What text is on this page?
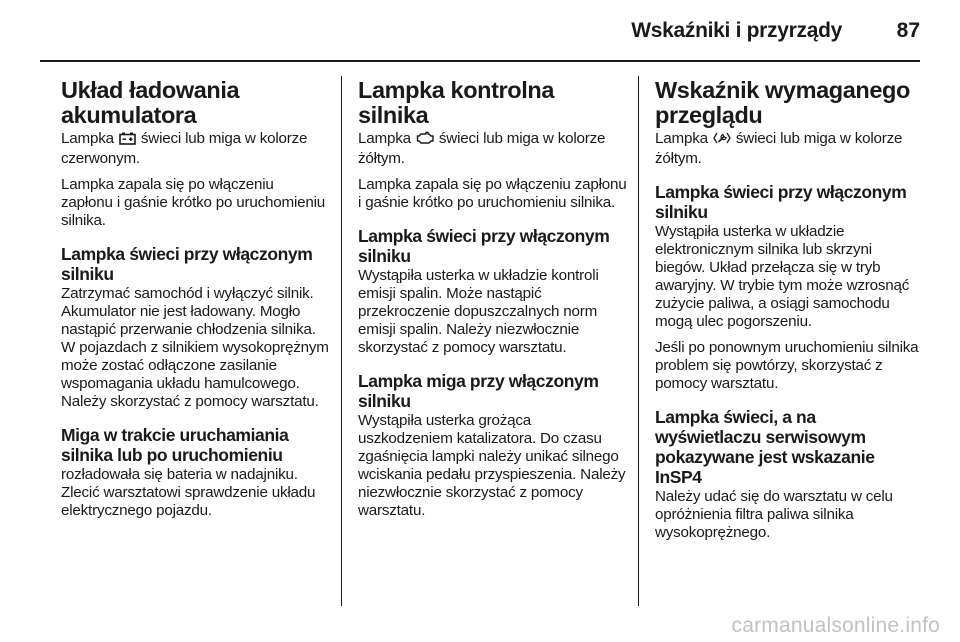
Wskaźniki i przyrządy	87
Układ ładowania akumulatora

Lampka świeci lub miga w kolorze czerwonym.

Lampka zapala się po włączeniu zapłonu i gaśnie krótko po uruchomieniu silnika.

Lampka świeci przy włączonym silniku

Zatrzymać samochód i wyłączyć silnik. Akumulator nie jest ładowany. Mogło nastąpić przerwanie chłodzenia silnika. W pojazdach z silnikiem wysokoprężnym może zostać odłączone zasilanie wspomagania układu hamulcowego. Należy skorzystać z pomocy warsztatu.

Miga w trakcie uruchamiania silnika lub po uruchomieniu

rozładowała się bateria w nadajniku. Zlecić warsztatowi sprawdzenie układu elektrycznego pojazdu.

Lampka kontrolna silnika

Lampka świeci lub miga w kolorze żółtym.

Lampka zapala się po włączeniu zapłonu i gaśnie krótko po uruchomieniu silnika.

Lampka świeci przy włączonym silniku

Wystąpiła usterka w układzie kontroli emisji spalin. Może nastąpić przekroczenie dopuszczalnych norm emisji spalin. Należy niezwłocznie skorzystać z pomocy warsztatu.

Lampka miga przy włączonym silniku

Wystąpiła usterka grożąca uszkodzeniem katalizatora. Do czasu zgaśnięcia lampki należy unikać silnego wciskania pedału przyspieszenia. Należy niezwłocznie skorzystać z pomocy warsztatu.

Wskaźnik wymaganego przeglądu

Lampka świeci lub miga w kolorze żółtym.

Lampka świeci przy włączonym silniku

Wystąpiła usterka w układzie elektronicznym silnika lub skrzyni biegów. Układ przełącza się w tryb awaryjny. W trybie tym może wzrosnąć zużycie paliwa, a osiągi samochodu mogą ulec pogorszeniu.

Jeśli po ponownym uruchomieniu silnika problem się powtórzy, skorzystać z pomocy warsztatu.

Lampka świeci, a na wyświetlaczu serwisowym pokazywane jest wskazanie InSP4

Należy udać się do warsztatu w celu opróżnienia filtra paliwa silnika wysokoprężnego.

carmanualsonline.info
